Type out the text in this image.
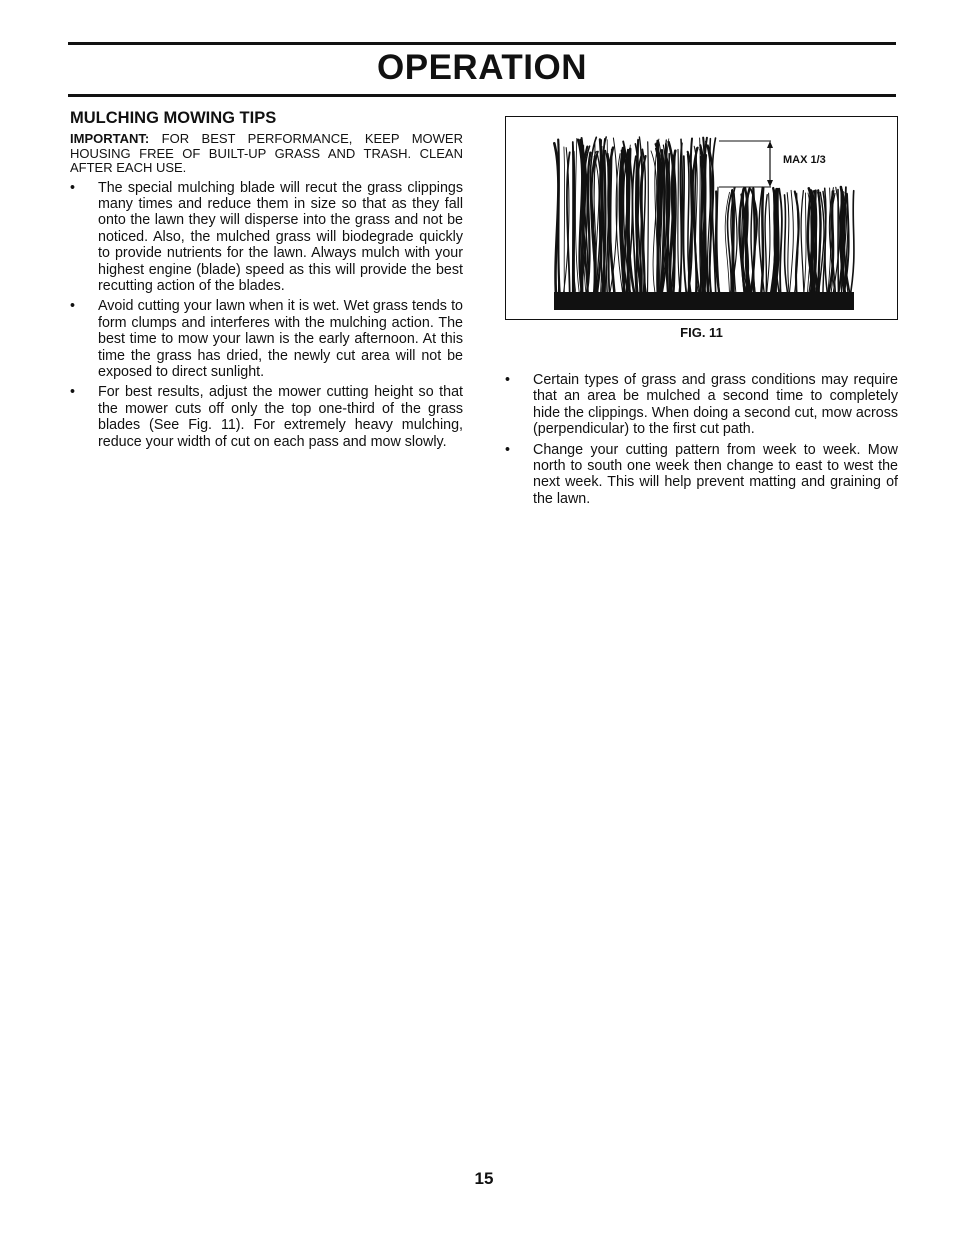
OPERATION
MULCHING MOWING TIPS

IMPORTANT: FOR BEST PERFORMANCE, KEEP MOWER HOUSING FREE OF BUILT-UP GRASS AND TRASH. CLEAN AFTER EACH USE.

• The special mulching blade will recut the grass clippings many times and reduce them in size so that as they fall onto the lawn they will disperse into the grass and not be noticed. Also, the mulched grass will biodegrade quickly to provide nutrients for the lawn. Always mulch with your highest engine (blade) speed as this will provide the best recutting action of the blades.
• Avoid cutting your lawn when it is wet. Wet grass tends to form clumps and interferes with the mulching action. The best time to mow your lawn is the early afternoon. At this time the grass has dried, the newly cut area will not be exposed to direct sunlight.
• For best results, adjust the mower cutting height so that the mower cuts off only the top one-third of the grass blades (See Fig. 11). For extremely heavy mulching, reduce your width of cut on each pass and mow slowly.
MAX 1/3
FIG. 11
• Certain types of grass and grass conditions may require that an area be mulched a second time to completely hide the clippings. When doing a second cut, mow across (perpendicular) to the first cut path.
• Change your cutting pattern from week to week. Mow north to south one week then change to east to west the next week. This will help prevent matting and graining of the lawn.
15
